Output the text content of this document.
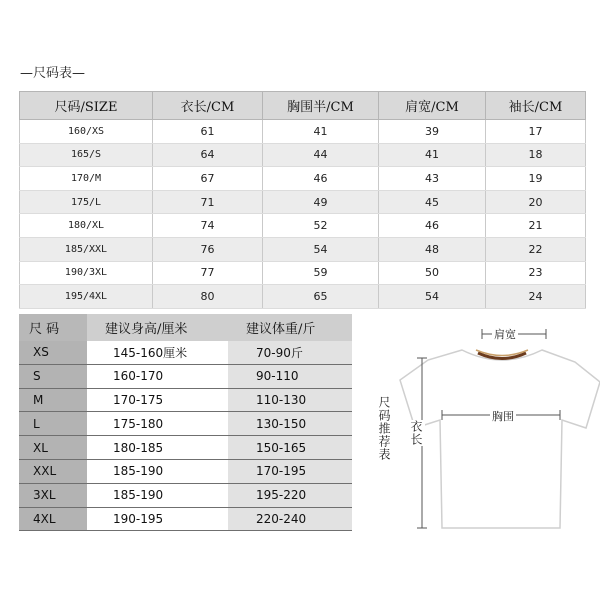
—尺码表—
尺码/SIZE	衣长/CM	胸围半/CM	肩宽/CM	袖长/CM
160/XS	61	41	39	17
165/S	64	44	41	18
170/M	67	46	43	19
175/L	71	49	45	20
180/XL	74	52	46	21
185/XXL	76	54	48	22
190/3XL	77	59	50	23
195/4XL	80	65	54	24
尺 码	建议身高/厘米	建议体重/斤
XS	145-160厘米	70-90斤
S	160-170	90-110
M	170-175	110-130
L	175-180	130-150
XL	180-185	150-165
XXL	185-190	170-195
3XL	185-190	195-220
4XL	190-195	220-240
尺码推荐表
肩宽
衣长
胸围
